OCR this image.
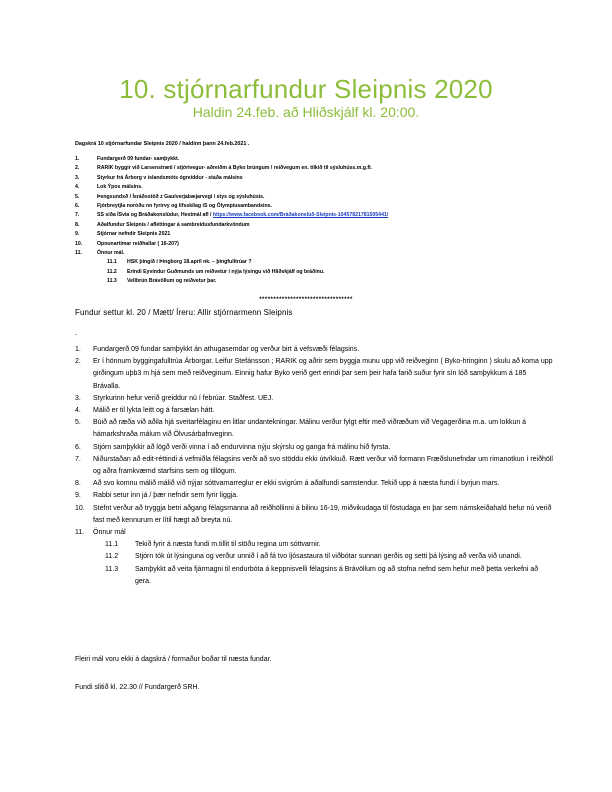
10. stjórnarfundur Sleipnis 2020
Haldin 24.feb. að Hliðskjálf kl. 20:00.
Dagskrá 10 stjórnarfundar Sleipnis 2020 / haldinn þann 24.feb.2021 .
1.	Fundargerð 09 fundar- samþykkt.
2.	RARIK byggir við Larsenstræti / stjórivegur- aðreiðm á Byko brúngum / reiðvegum en. tilkið til sýsluhúss.m.g.fl.
3.	Styrkur frá Árborg v íslandsmóts ógreiddur - staða málsins
4.	Lok Ýpos málsins.
5.	Þengsundsð / Ísráðsstöð z Gaulverjabæjarvegi / stys og sýsluhúsis.
6.	Fjórbreytjla noróðu nn fyrirvy og lifsskilag íS og Ólympíusambandsins.
7.	SS síða ÍSvia og Bráðakonslúdur, Hestmál afl / https://www.facebook.com/Bráðakonslúð-Sleipnis-10457821781505441/
8.	Aðalfundur Sleipnis / afléttingar á sambreidusfundarkvöndum
9.	Stjórnar nefndir Sleipnis 2021
10.	Opnunartímar reiðhallar ( 16-20?)
11.	Önnur mál.
11.1 HSK þingið í Þingborg 18.apríl nk. – þingfulltrúar ?
11.2 Erindi Eyvindur Guðmunds um reiðvetur í nýja lýsingu við Hliðskjálf og bráðinu.
11.3 Vellbrún Brávöllum og reiðvetur þar.
*********************************
Fundur settur kl. 20 / Mætt/ Íreru: Allir stjórnarmenn Sleipnis
.
1. Fundargerð 09 fundar samþykkt án athugasemdar og verður birt á vefsvæði félagsins.
2. Er í hönnum byggingafulltrúa Árborgar. Leifur Stefánsson ; RARIK og aðrir sem byggja munu upp við reiðveginn ( Byko-hringinn ) skulu að koma upp girðingum uþb3 m hjá sem með reiðveginum. Einnig hafur Byko verið gert erindi þar sem þeir hafa farið suður fyrir sín lóð samþykkum á 185 Brávalla.
3. Styrkurinn hefur verið greiddur nú í febrúar. Staðfest. UEJ.
4. Málið er til lykta leitt og á farsælan hátt.
5. Búið að ræða við aðila hjá sveitarfélaginu en litlar undantekningar. Málinu verður fylgt eftir með viðræðum við Vegagerðina m.a. um lokkun á hámarkshraða málum við Ölvusárbafnveginn.
6. Stjórn samþykkir að lögð verði vinna í að endurvinna nýju skýrslu og ganga frá málinu hið fyrsta.
7. Niðurstaðan að edit-réttindi á vefmiðla félagsins verði að svo stöddu ekki útvíkkuð. Rætt verður við formann Fræðslunefndar um rimanotkun í reiðhöll og aðra framkvæmd starfsins sem og tillögum.
8. Að svo komnu málið málið við nýjar sóttvarnarreglur er ekki svigrúm á aðalfundi samstendur. Tekið upp á næsta fundi í byrjun mars.
9. Rabbi setur inn já / þær nefndir sem fyrir liggja.
10. Stefnt verður að tryggja betri aðgang félagsmanna að reiðhöllinni á bilinu 16-19, miðvikudaga til föstudaga en þar sem námskeiðahald hefur nú verið fast með kennurum er lítil hægt að breyta nú.
11. Önnur mál
11.1 Tekið fyrir á næsta fundi m.tillit til stöðu regina um sóttvarnir.
11.2 Stjórn tók út lýsinguna og verður unnið í að fá tvo ljósastaura til viðbótar sunnan gerðis og setti þá lýsing að verða við unandi.
11.3 Samþykkt að veita fjármagni til endurbóta á keppnisvelli félagsins á Brávöllum og að stofna nefnd sem hefur með þetta verkefni að gera.
Fleiri mál voru ekki á dagskrá / formaður boðar til næsta fundar.
Fundi slitið kl. 22.30 // Fundargerð SRH.
